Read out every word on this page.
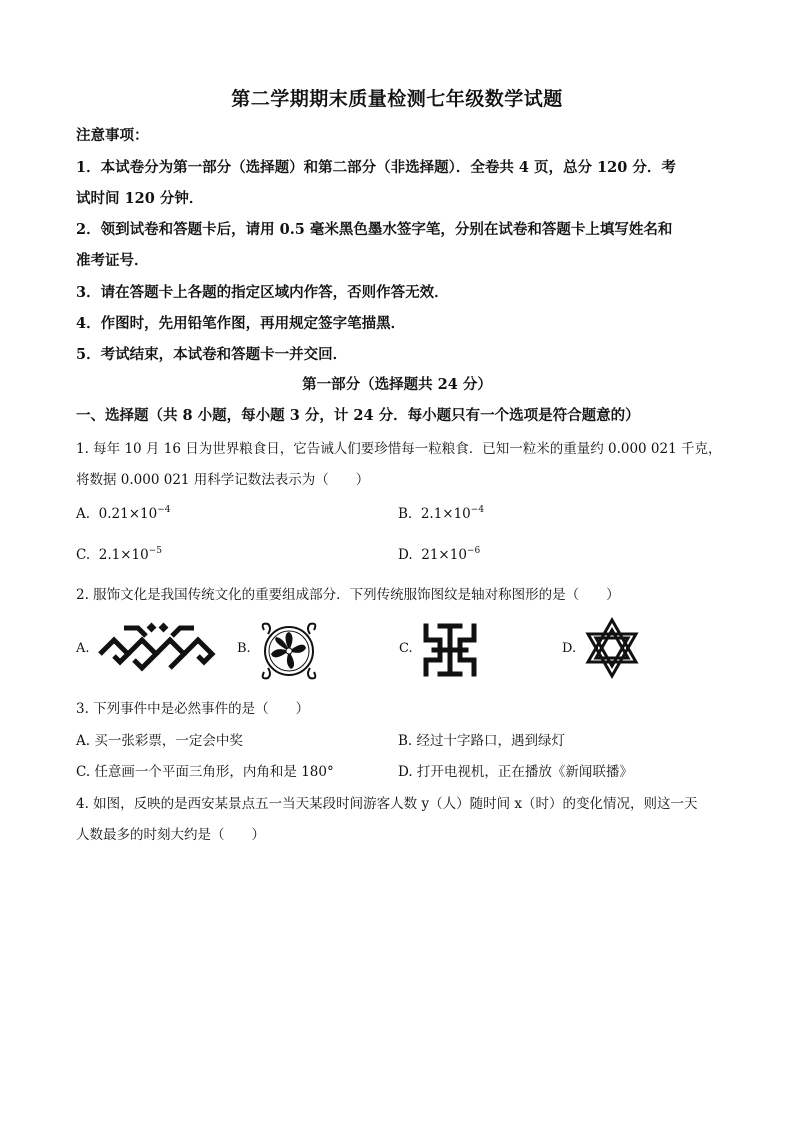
第二学期期末质量检测七年级数学试题
注意事项：
1．本试卷分为第一部分（选择题）和第二部分（非选择题）．全卷共 4 页，总分 120 分．考
试时间 120 分钟．
2．领到试卷和答题卡后，请用 0.5 毫米黑色墨水签字笔，分别在试卷和答题卡上填写姓名和
准考证号．
3．请在答题卡上各题的指定区域内作答，否则作答无效．
4．作图时，先用铅笔作图，再用规定签字笔描黑．
5．考试结束，本试卷和答题卡一并交回．
第一部分（选择题共 24 分）
一、选择题（共 8 小题，每小题 3 分，计 24 分．每小题只有一个选项是符合题意的）
1. 每年 10 月 16 日为世界粮食日，它告诫人们要珍惜每一粒粮食．已知一粒米的重量约 0.000 021 千克，
将数据 0.000 021 用科学记数法表示为（　　）
A. $0.21\times 10^{-4}$	B. $2.1\times 10^{-4}$
C. $2.1\times 10^{-5}$	D. $21\times 10^{-6}$
2. 服饰文化是我国传统文化的重要组成部分．下列传统服饰图纹是轴对称图形的是（　　）
A.	B.	C.	D.
3. 下列事件中是必然事件的是（　　）
A. 买一张彩票，一定会中奖	B. 经过十字路口，遇到绿灯
C. 任意画一个平面三角形，内角和是 180°	D. 打开电视机，正在播放《新闻联播》
4. 如图，反映的是西安某景点五一当天某段时间游客人数 y（人）随时间 x（时）的变化情况，则这一天
人数最多的时刻大约是（　　）
